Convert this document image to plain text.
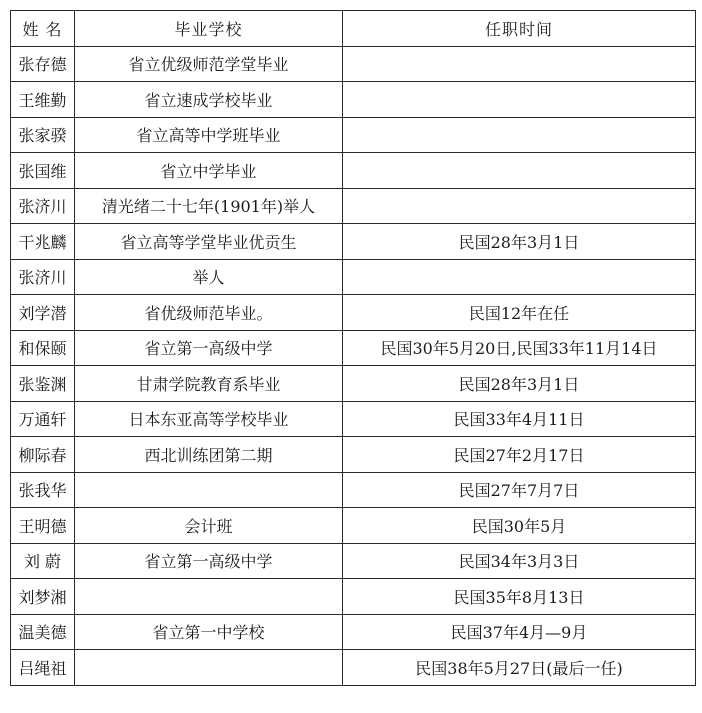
姓 名	毕业学校	任职时间
张存德	省立优级师范学堂毕业	
王维勤	省立速成学校毕业	
张家骙	省立高等中学班毕业	
张国维	省立中学毕业	
张济川	清光绪二十七年(1901年)举人	
干兆麟	省立高等学堂毕业优贡生	民国28年3月1日
张济川	举人	
刘学潜	省优级师范毕业。	民国12年在任
和保颐	省立第一高级中学	民国30年5月20日,民国33年11月14日
张鉴渊	甘肃学院教育系毕业	民国28年3月1日
万通轩	日本东亚高等学校毕业	民国33年4月11日
柳际春	西北训练团第二期	民国27年2月17日
张我华		民国27年7月7日
王明德	会计班	民国30年5月
刘 蔚	省立第一高级中学	民国34年3月3日
刘梦湘		民国35年8月13日
温美德	省立第一中学校	民国37年4月—9月
吕绳祖		民国38年5月27日(最后一任)
